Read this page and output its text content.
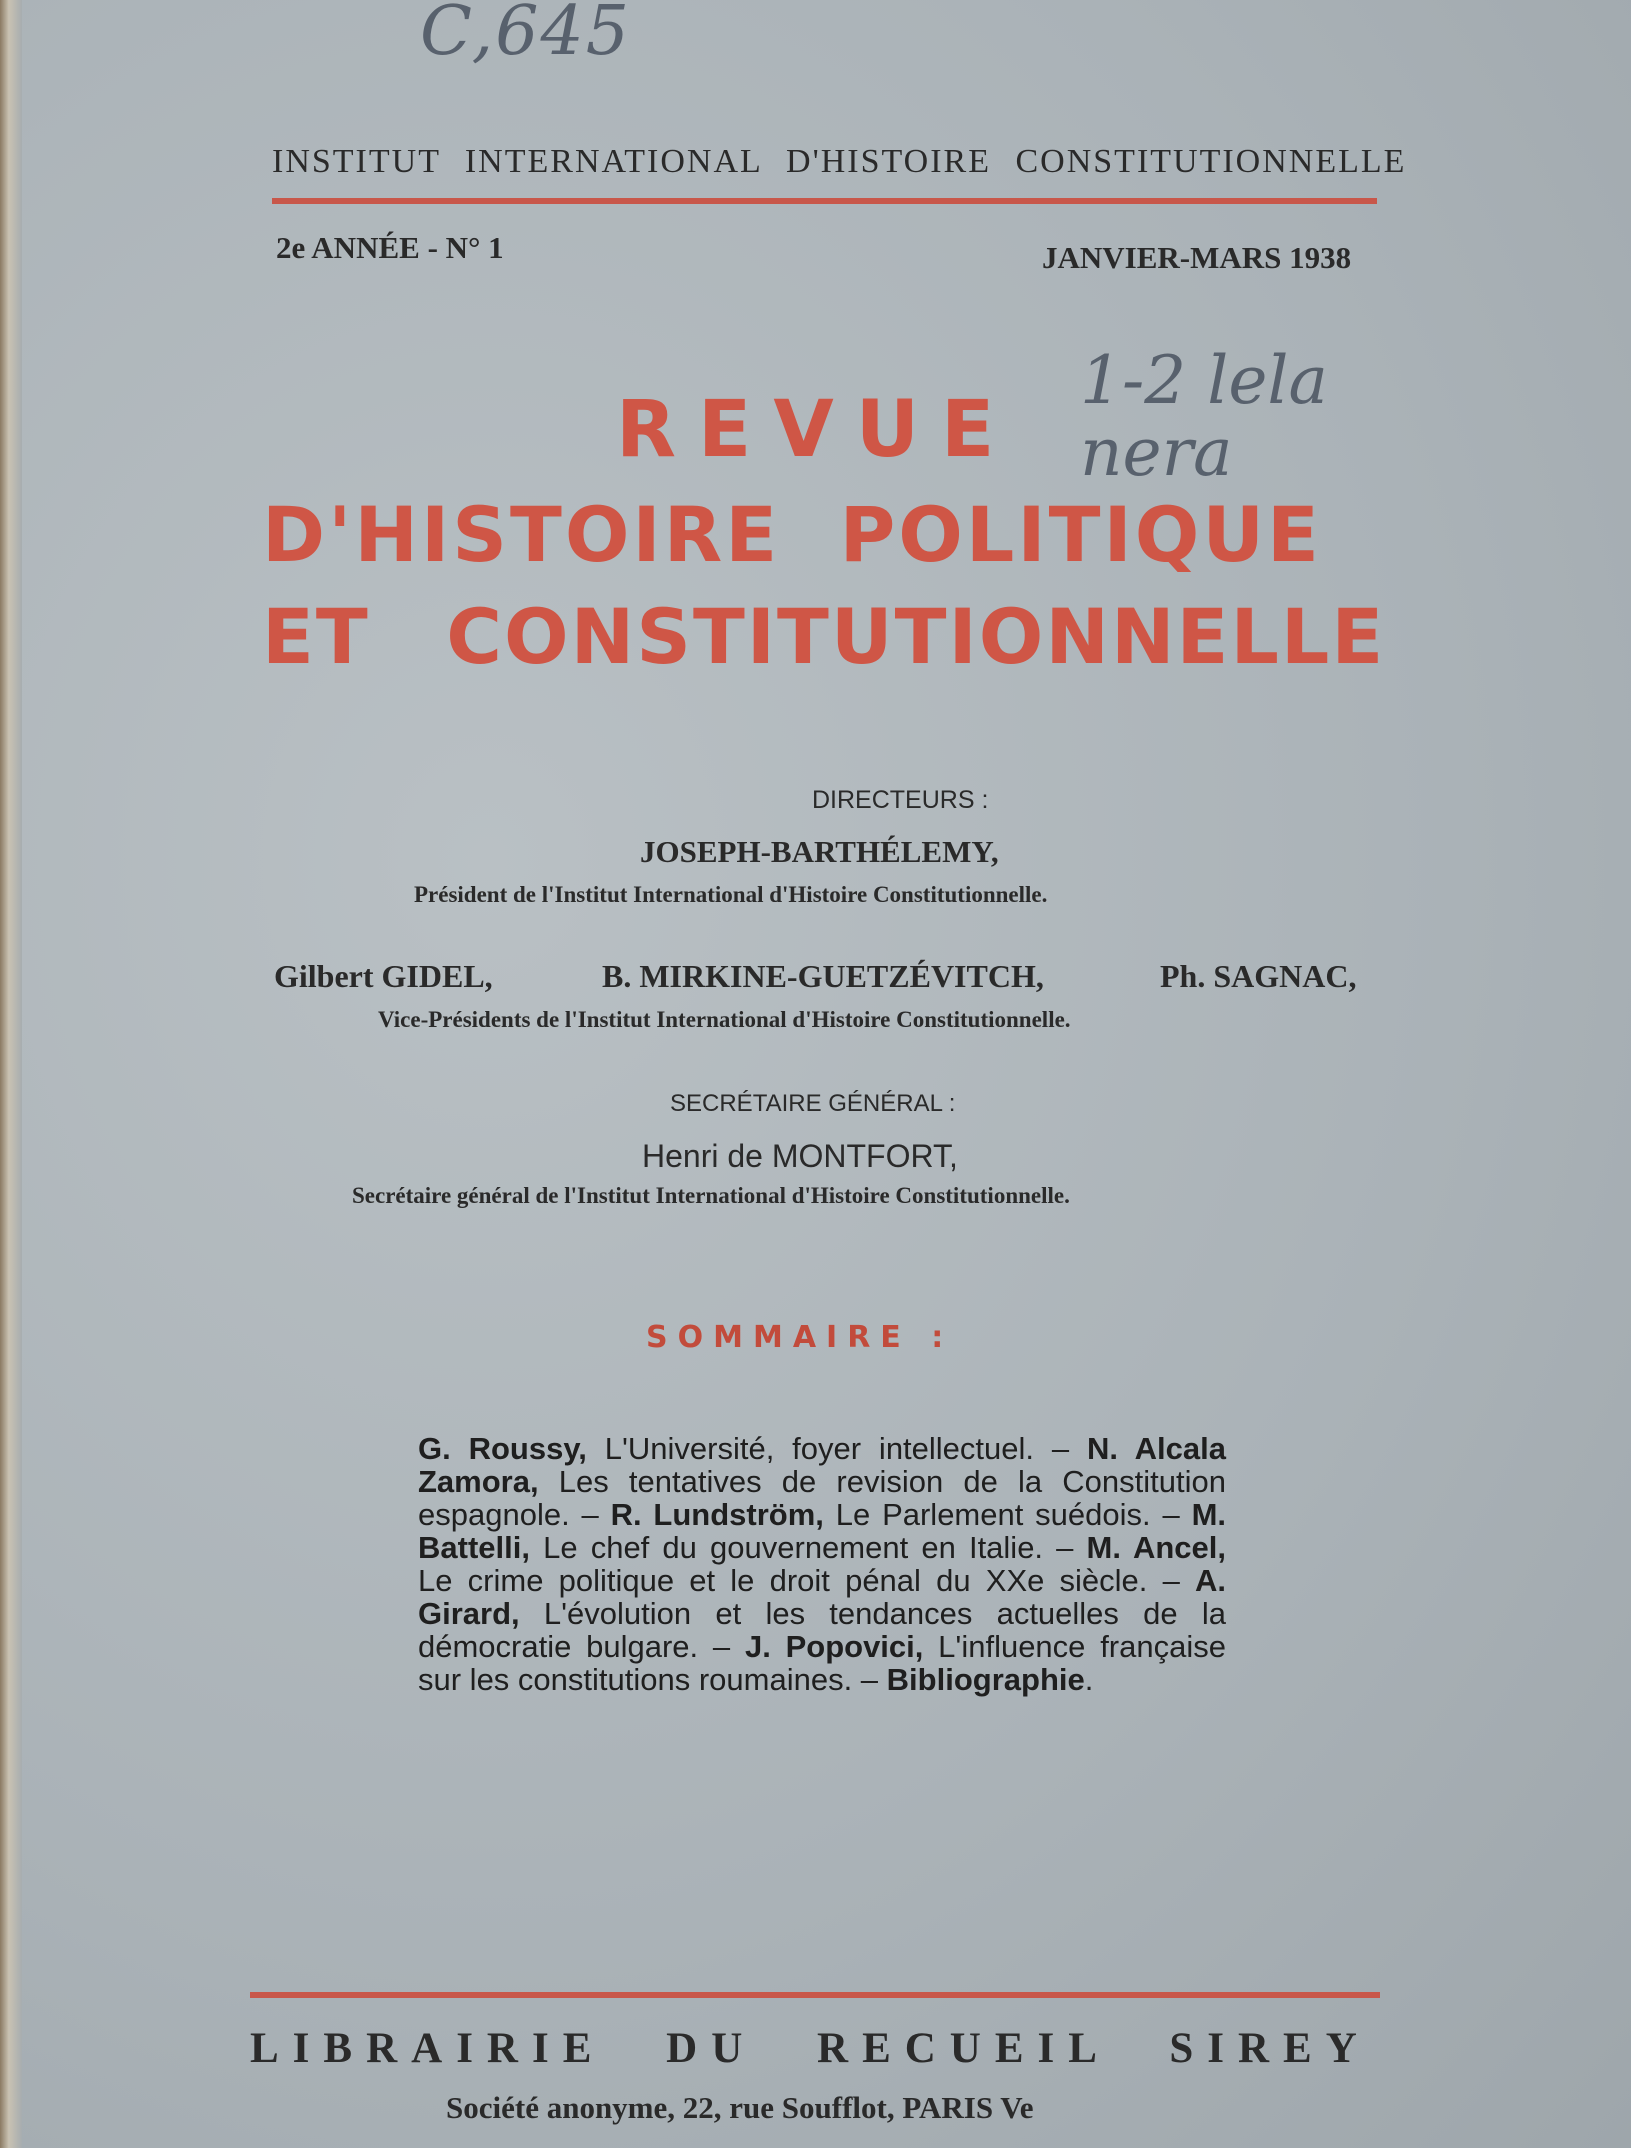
C,645
1-2 lela nera
INSTITUT INTERNATIONAL D'HISTOIRE CONSTITUTIONNELLE
2e ANNÉE - N° 1	JANVIER-MARS 1938
REVUE
D'HISTOIRE POLITIQUE
ET CONSTITUTIONNELLE
DIRECTEURS :
JOSEPH-BARTHÉLEMY,
Président de l'Institut International d'Histoire Constitutionnelle.
Gilbert GIDEL,	B. MIRKINE-GUETZÉVITCH,	Ph. SAGNAC,
Vice-Présidents de l'Institut International d'Histoire Constitutionnelle.
SECRÉTAIRE GÉNÉRAL :
Henri de MONTFORT,
Secrétaire général de l'Institut International d'Histoire Constitutionnelle.
SOMMAIRE :
G. Roussy, L'Université, foyer intellectuel. – N. Alcala Zamora, Les tentatives de revision de la Constitution espagnole. – R. Lundström, Le Parlement suédois. – M. Battelli, Le chef du gouvernement en Italie. – M. Ancel, Le crime politique et le droit pénal du XXe siècle. – A. Girard, L'évolution et les tendances actuelles de la démocratie bulgare. – J. Popovici, L'influence française sur les constitutions roumaines. – Bibliographie.
LIBRAIRIE DU RECUEIL SIREY
Société anonyme, 22, rue Soufflot, PARIS Ve
